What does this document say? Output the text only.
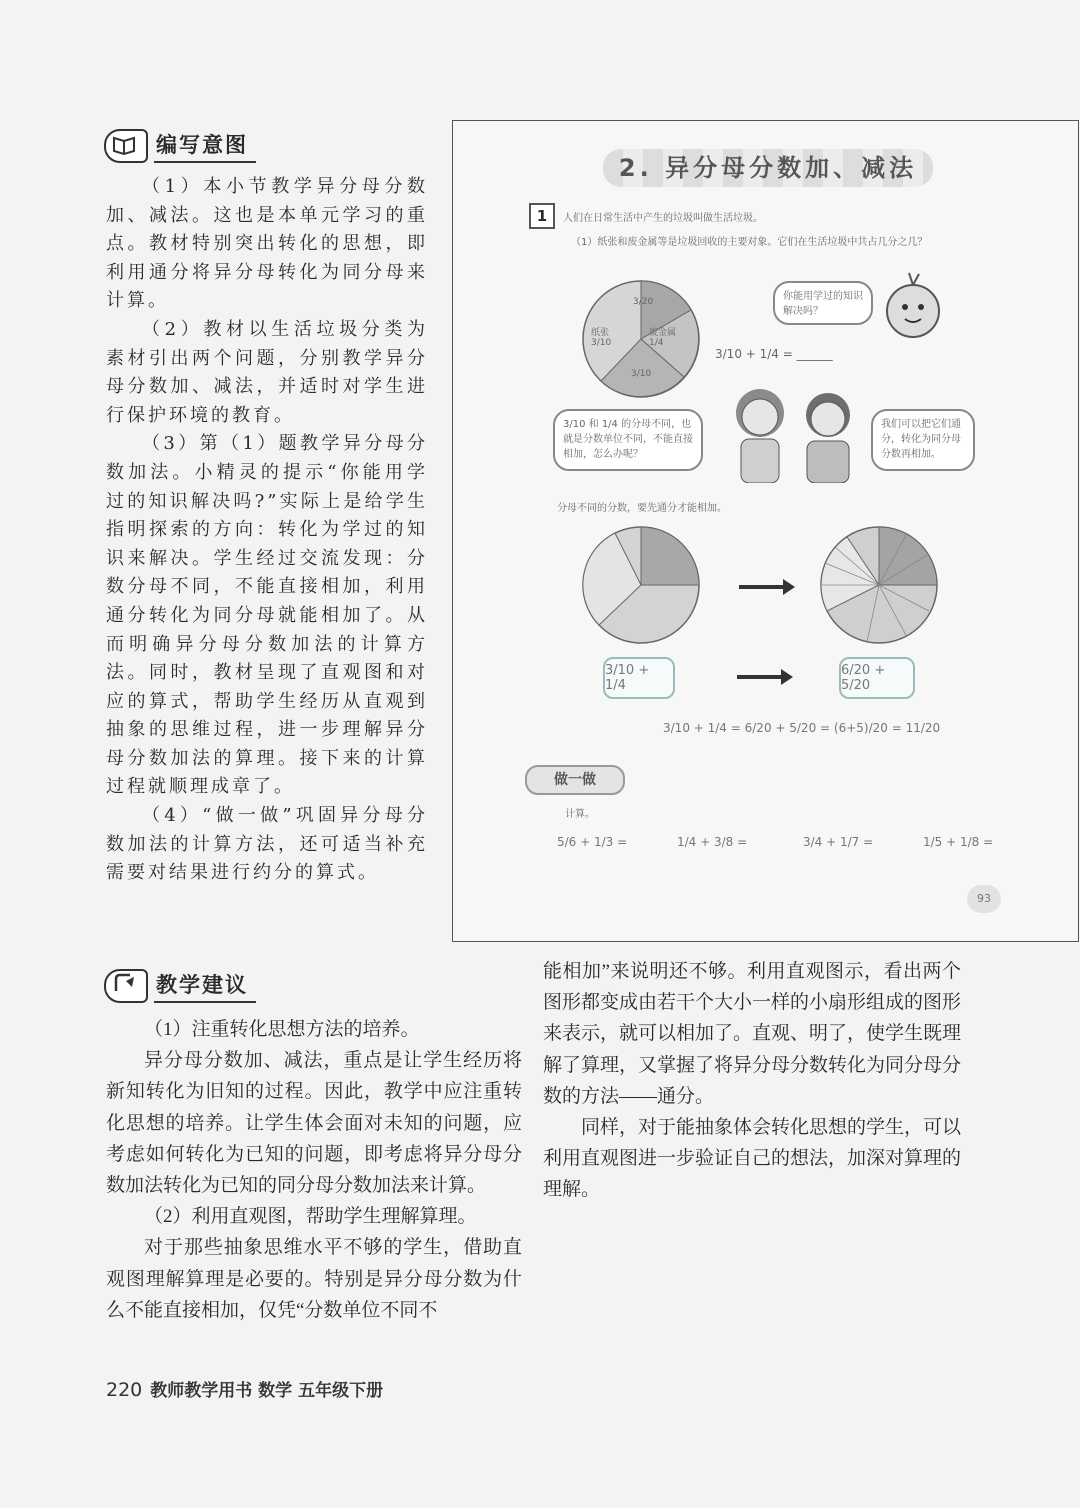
编写意图

（1）本小节教学异分母分数加、减法。这也是本单元学习的重点。教材特别突出转化的思想，即利用通分将异分母转化为同分母来计算。

（2）教材以生活垃圾分类为素材引出两个问题，分别教学异分母分数加、减法，并适时对学生进行保护环境的教育。

（3）第（1）题教学异分母分数加法。小精灵的提示“你能用学过的知识解决吗?”实际上是给学生指明探索的方向：转化为学过的知识来解决。学生经过交流发现：分数分母不同，不能直接相加，利用通分转化为同分母就能相加了。从而明确异分母分数加法的计算方法。同时，教材呈现了直观图和对应的算式，帮助学生经历从直观到抽象的思维过程，进一步理解异分母分数加法的算理。接下来的计算过程就顺理成章了。

（4）“做一做”巩固异分母分数加法的计算方法，还可适当补充需要对结果进行约分的算式。

2. 异分母分数加、减法
1	人们在日常生活中产生的垃圾叫做生活垃圾。
（1）纸张和废金属等是垃圾回收的主要对象。它们在生活垃圾中共占几分之几？
纸张 3/10
废金属 1/4
3/20
3/10
你能用学过的知识解决吗？
3/10 + 1/4 = ______
3/10 和 1/4 的分母不同，也就是分数单位不同，不能直接相加，怎么办呢？
我们可以把它们通分，转化为同分母分数再相加。
分母不同的分数，要先通分才能相加。
3/10 + 1/4
6/20 + 5/20
3/10 + 1/4 = 6/20 + 5/20 = (6+5)/20 = 11/20
做一做
计算。
5/6 + 1/3 =	1/4 + 3/8 =	3/4 + 1/7 =	1/5 + 1/8 =
93
教学建议

（1）注重转化思想方法的培养。

异分母分数加、减法，重点是让学生经历将新知转化为旧知的过程。因此，教学中应注重转化思想的培养。让学生体会面对未知的问题，应考虑如何转化为已知的问题，即考虑将异分母分数加法转化为已知的同分母分数加法来计算。

（2）利用直观图，帮助学生理解算理。

对于那些抽象思维水平不够的学生，借助直观图理解算理是必要的。特别是异分母分数为什么不能直接相加，仅凭“分数单位不同不

能相加”来说明还不够。利用直观图示，看出两个图形都变成由若干个大小一样的小扇形组成的图形来表示，就可以相加了。直观、明了，使学生既理解了算理，又掌握了将异分母分数转化为同分母分数的方法——通分。

同样，对于能抽象体会转化思想的学生，可以利用直观图进一步验证自己的想法，加深对算理的理解。

220 教师教学用书 数学 五年级下册
